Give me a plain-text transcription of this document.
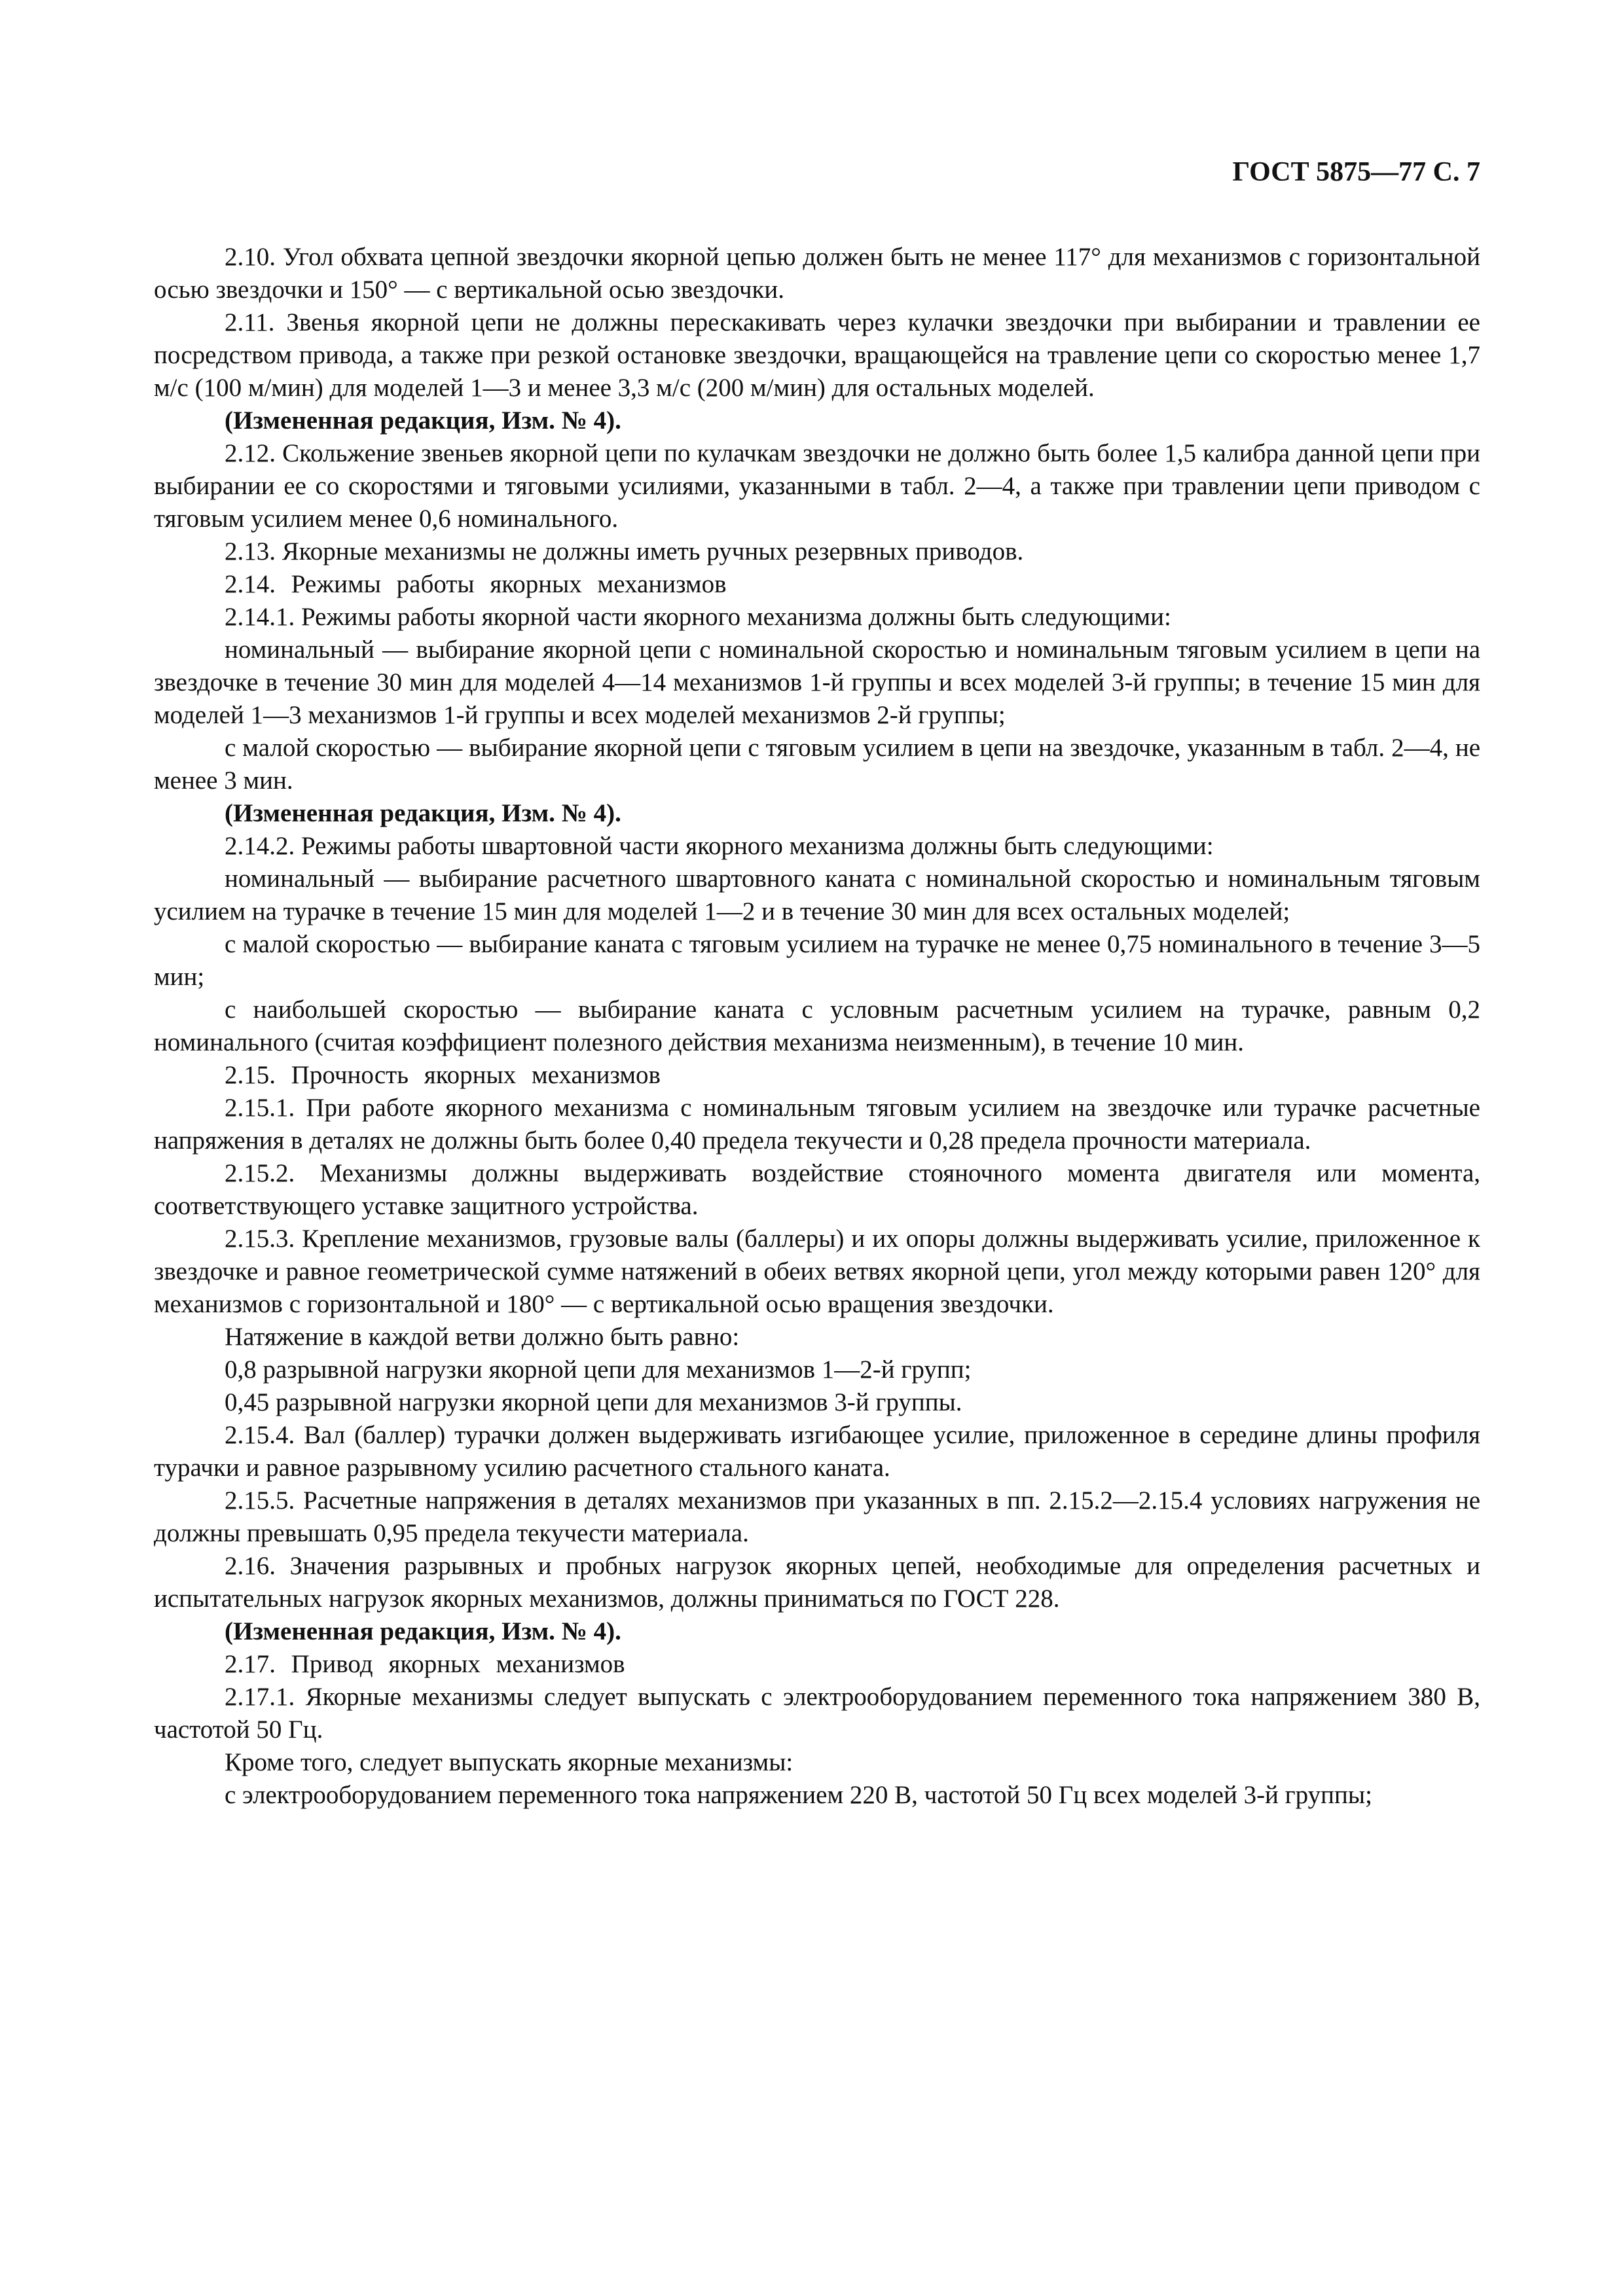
ГОСТ 5875—77 С. 7

2.10. Угол обхвата цепной звездочки якорной цепью должен быть не менее 117° для механизмов с горизонтальной осью звездочки и 150° — с вертикальной осью звездочки.

2.11. Звенья якорной цепи не должны перескакивать через кулачки звездочки при выбирании и травлении ее посредством привода, а также при резкой остановке звездочки, вращающейся на травление цепи со скоростью менее 1,7 м/с (100 м/мин) для моделей 1—3 и менее 3,3 м/с (200 м/мин) для остальных моделей.

(Измененная редакция, Изм. № 4).

2.12. Скольжение звеньев якорной цепи по кулачкам звездочки не должно быть более 1,5 калибра данной цепи при выбирании ее со скоростями и тяговыми усилиями, указанными в табл. 2—4, а также при травлении цепи приводом с тяговым усилием менее 0,6 номинального.

2.13. Якорные механизмы не должны иметь ручных резервных приводов.

2.14. Режимы работы якорных механизмов

2.14.1. Режимы работы якорной части якорного механизма должны быть следующими:

номинальный — выбирание якорной цепи с номинальной скоростью и номинальным тяговым усилием в цепи на звездочке в течение 30 мин для моделей 4—14 механизмов 1-й группы и всех моделей 3-й группы; в течение 15 мин для моделей 1—3 механизмов 1-й группы и всех моделей механизмов 2-й группы;

с малой скоростью — выбирание якорной цепи с тяговым усилием в цепи на звездочке, указанным в табл. 2—4, не менее 3 мин.

(Измененная редакция, Изм. № 4).

2.14.2. Режимы работы швартовной части якорного механизма должны быть следующими:

номинальный — выбирание расчетного швартовного каната с номинальной скоростью и номинальным тяговым усилием на турачке в течение 15 мин для моделей 1—2 и в течение 30 мин для всех остальных моделей;

с малой скоростью — выбирание каната с тяговым усилием на турачке не менее 0,75 номинального в течение 3—5 мин;

с наибольшей скоростью — выбирание каната с условным расчетным усилием на турачке, равным 0,2 номинального (считая коэффициент полезного действия механизма неизменным), в течение 10 мин.

2.15. Прочность якорных механизмов

2.15.1. При работе якорного механизма с номинальным тяговым усилием на звездочке или турачке расчетные напряжения в деталях не должны быть более 0,40 предела текучести и 0,28 предела прочности материала.

2.15.2. Механизмы должны выдерживать воздействие стояночного момента двигателя или момента, соответствующего уставке защитного устройства.

2.15.3. Крепление механизмов, грузовые валы (баллеры) и их опоры должны выдерживать усилие, приложенное к звездочке и равное геометрической сумме натяжений в обеих ветвях якорной цепи, угол между которыми равен 120° для механизмов с горизонтальной и 180° — с вертикальной осью вращения звездочки.

Натяжение в каждой ветви должно быть равно:

0,8 разрывной нагрузки якорной цепи для механизмов 1—2-й групп;

0,45 разрывной нагрузки якорной цепи для механизмов 3-й группы.

2.15.4. Вал (баллер) турачки должен выдерживать изгибающее усилие, приложенное в середине длины профиля турачки и равное разрывному усилию расчетного стального каната.

2.15.5. Расчетные напряжения в деталях механизмов при указанных в пп. 2.15.2—2.15.4 условиях нагружения не должны превышать 0,95 предела текучести материала.

2.16. Значения разрывных и пробных нагрузок якорных цепей, необходимые для определения расчетных и испытательных нагрузок якорных механизмов, должны приниматься по ГОСТ 228.

(Измененная редакция, Изм. № 4).

2.17. Привод якорных механизмов

2.17.1. Якорные механизмы следует выпускать с электрооборудованием переменного тока напряжением 380 В, частотой 50 Гц.

Кроме того, следует выпускать якорные механизмы:

с электрооборудованием переменного тока напряжением 220 В, частотой 50 Гц всех моделей 3-й группы;
